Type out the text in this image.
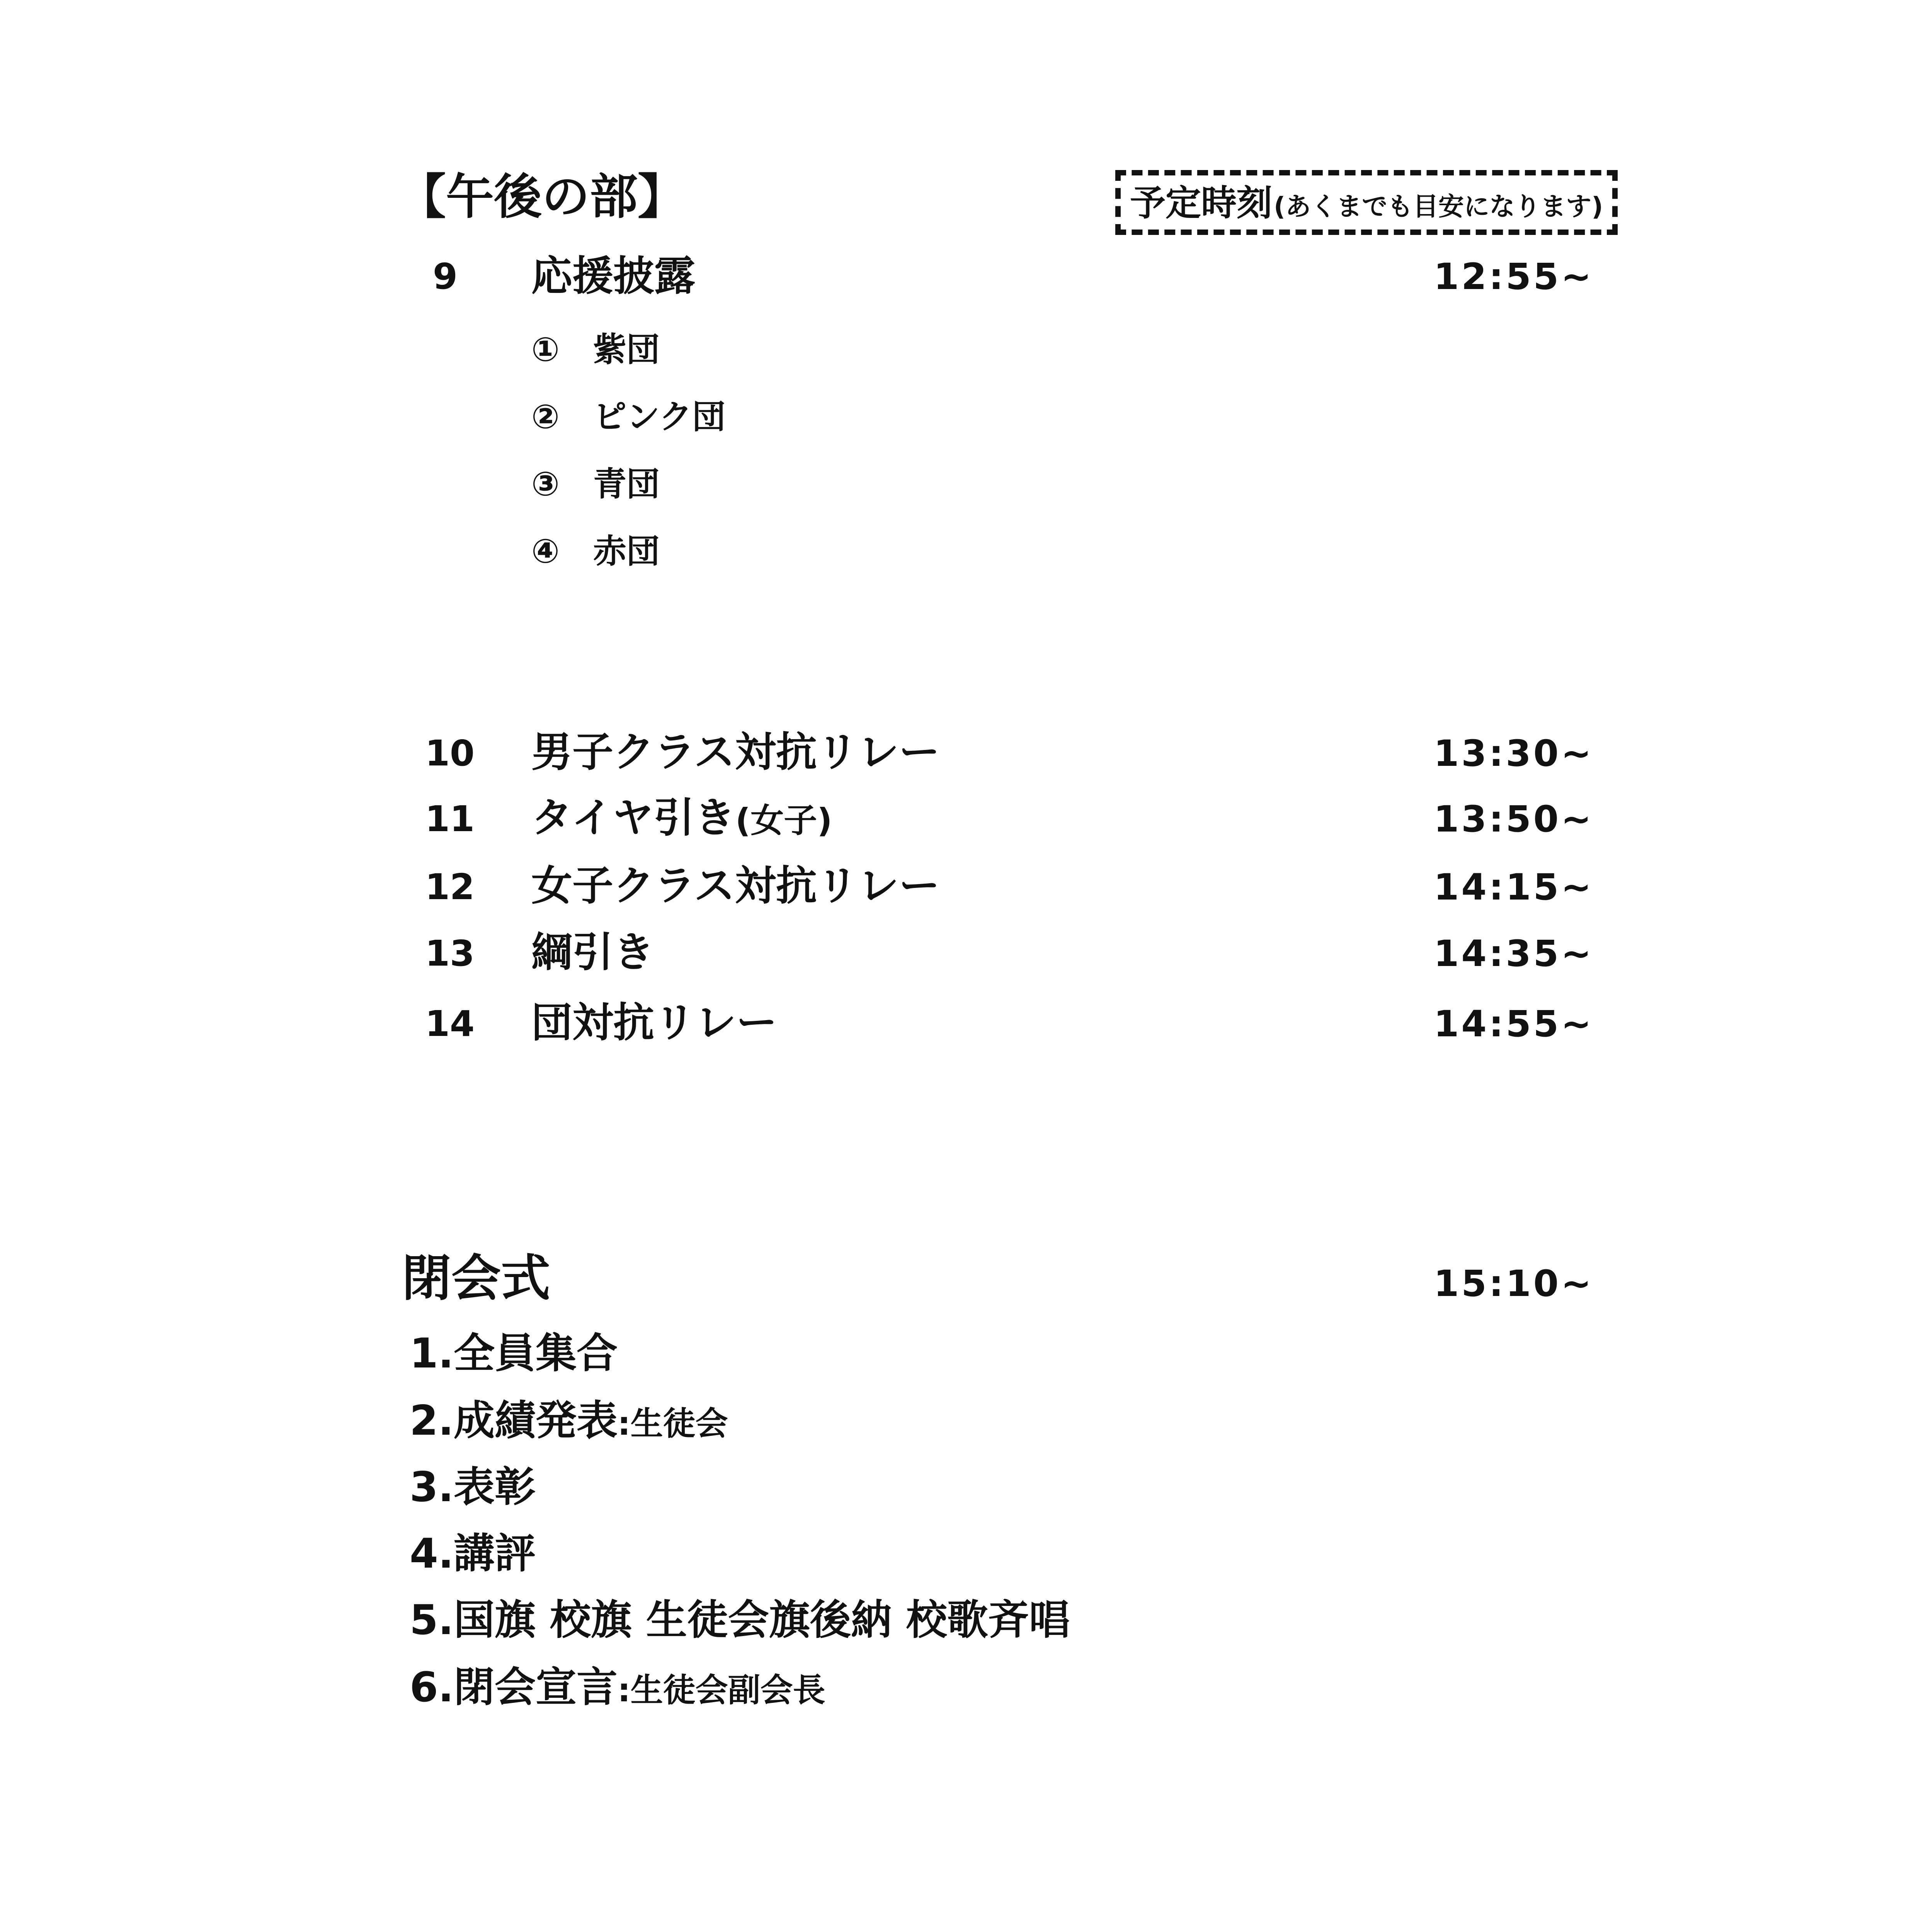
【午後の部】	予定時刻 (あくまでも目安になります)
9 応援披露	12:55~
① 紫団
② ピンク団
③ 青団
④ 赤団
10 男子クラス対抗リレー	13:30~
11 タイヤ引き(女子)	13:50~
12 女子クラス対抗リレー	14:15~
13 綱引き	14:35~
14 団対抗リレー	14:55~
閉会式	15:10~
1.全員集合
2.成績発表:生徒会
3.表彰
4.講評
5.国旗 校旗 生徒会旗後納 校歌斉唱
6.閉会宣言:生徒会副会長
